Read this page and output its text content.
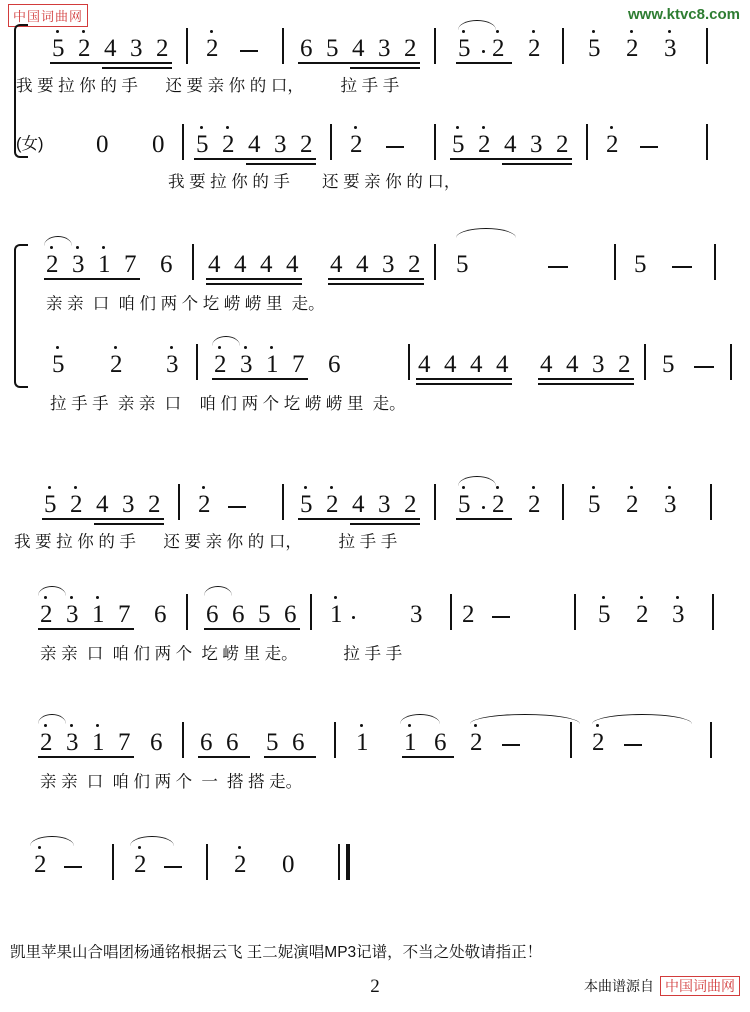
中国词曲网	www.ktvc8.com
5 2 4 3 2 2	6 5 4 3 2 5 2 2 5 2 3
我 要 拉 你 的 手      还 要 亲 你 的 口，        拉 手 手
0 0 5 2 4 3 2 2	5 2 4 3 2 2
(女)
我 要 拉 你 的 手       还 要 亲 你 的 口，
2 3 1 7 6 4 4 4 4 4 4 3 2 5	5
亲 亲  口  咱 们 两 个 圪 崂 崂 里  走。
5 2 3 2 3 1 7 6	4 4 4 4 4 4 3 2 5
拉 手 手  亲 亲  口    咱 们 两 个 圪 崂 崂 里  走。
5 2 4 3 2 2	5 2 4 3 2 5 2 2 5 2 3
我 要 拉 你 的 手      还 要 亲 你 的 口，        拉 手 手
2 3 1 7 6 6 6 5 6 1	3 2	5 2 3
亲 亲  口  咱 们 两 个  圪 崂 里 走。          拉 手 手
2 3 1 7 6 6 6 5 6 1 1 6 2	2
亲 亲  口  咱 们 两 个  一  搭 搭 走。
2	2	2 0
凯里苹果山合唱团杨通铭根据云飞 王二妮演唱MP3记谱，不当之处敬请指正！
2	本曲谱源自 中国词曲网
